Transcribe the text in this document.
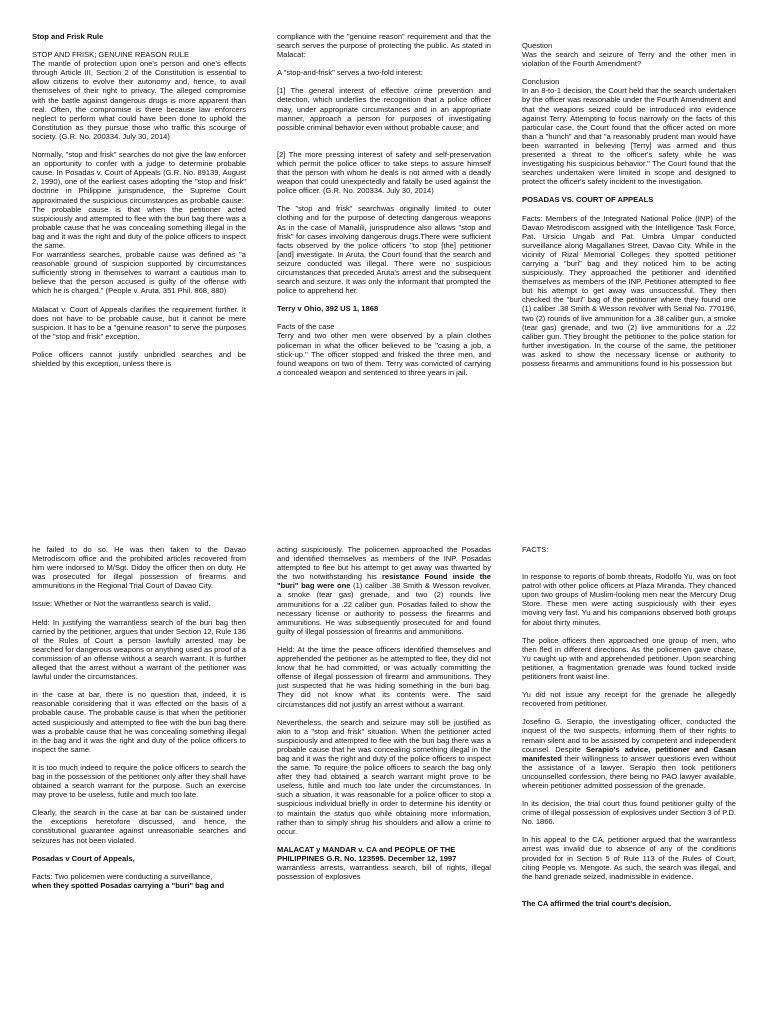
Stop and Frisk Rule

STOP AND FRISK; GENUINE REASON RULE

The mantle of protection upon one's person and one's effects through Article III, Section 2 of the Constitution is essential to allow citizens to evolve their autonomy and, hence, to avail themselves of their right to privacy. The alleged compromise with the battle against dangerous drugs is more apparent than real. Often, the compromise is there because law enforcers neglect to perform what could have been done to uphold the Constitution as they pursue those who traffic this scourge of society. (G.R. No. 200334. July 30, 2014)

Normally, "stop and frisk" searches do not give the law enforcer an opportunity to confer with a judge to determine probable cause. In Posadas v. Court of Appeals (G.R. No. 89139, August 2, 1990), one of the earliest cases adopting the "stop and frisk" doctrine in Philippine jurisprudence, the Supreme Court approximated the suspicious circumstances as probable cause:

The probable cause is that when the petitioner acted suspiciously and attempted to flee with the buri bag there was a probable cause that he was concealing something illegal in the bag and it was the right and duty of the police officers to inspect the same.

For warrantless searches, probable cause was defined as "a reasonable ground of suspicion supported by circumstances sufficiently strong in themselves to warrant a cautious man to believe that the person accused is guilty of the offense with which he is charged." (People v. Aruta, 351 Phil. 868, 880)

Malacat v. Court of Appeals clarifies the requirement further. It does not have to be probable cause, but it cannot be mere suspicion. It has to be a "genuine reason" to serve the purposes of the "stop and frisk" exception.

Police officers cannot justify unbridled searches and be shielded by this exception, unless there is

compliance with the "genuine reason" requirement and that the search serves the purpose of protecting the public. As stated in Malacat:

A "stop-and-frisk" serves a two-fold interest:

[1] The general interest of effective crime prevention and detection, which underlies the recognition that a police officer may, under appropriate circumstances and in an appropriate manner, approach a person for purposes of investigating possible criminal behavior even without probable cause; and

[2] The more pressing interest of safety and self-preservation which permit the police officer to take steps to assure himself that the person with whom he deals is not armed with a deadly weapon that could unexpectedly and fatally be used against the police officer. (G.R. No. 200334. July 30, 2014)

The "stop and frisk" searchwas originally limited to outer clothing and for the purpose of detecting dangerous weapons As in the case of Manalili, jurisprudence also allows "stop and frisk" for cases involving dangerous drugs.There were sufficient facts observed by the police officers "to stop [the] petitioner [and] investigate. In Aruta, the Court found that the search and seizure conducted was illegal. There were no suspicious circumstances that preceded Aruta's arrest and the subsequent search and seizure. It was only the informant that prompted the police to apprehend her.

Terry v Ohio, 392 US 1, 1868

Facts of the case

Terry and two other men were observed by a plain clothes policeman in what the officer believed to be "casing a job, a stick-up." The officer stopped and frisked the three men, and found weapons on two of them. Terry was convicted of carrying a concealed weapon and sentenced to three years in jail.

Question

Was the search and seizure of Terry and the other men in violation of the Fourth Amendment?

Conclusion

In an 8-to-1 decision, the Court held that the search undertaken by the officer was reasonable under the Fourth Amendment and that the weapons seized could be introduced into evidence against Terry. Attempting to focus narrowly on the facts of this particular case, the Court found that the officer acted on more than a "hunch" and that "a reasonably prudent man would have been warranted in believing [Terry] was armed and thus presented a threat to the officer's safety while he was investigating his suspicious behavior." The Court found that the searches undertaken were limited in scope and designed to protect the officer's safety incident to the investigation.

POSADAS VS. COURT OF APPEALS

Facts: Members of the Integrated National Police (INP) of the Davao Metrodiscom assigned with the Intelligence Task Force, Pat. Ursicio Ungab and Pat. Umbra Umpar conducted surveillance along Magallanes Street, Davao City. While in the vicinity of Rizal Memorial Colleges they spotted petitioner carrying a "buri" bag and they noticed him to be acting suspiciously. They approached the petitioner and identified themselves as members of the INP. Petitioner attempted to flee but his attempt to get away was unsuccessful. They then checked the "buri" bag of the petitioner where they found one (1) caliber .38 Smith & Wesson revolver with Serial No. 770196, two (2) rounds of live ammunition for a .38 caliber gun, a smoke (tear gas) grenade, and two (2) live ammunitions for a .22 caliber gun. They brought the petitioner to the police station for further investigation. In the course of the same, the petitioner was asked to show the necessary license or authority to possess firearms and ammunitions found in his possession but

he failed to do so. He was then taken to the Davao Metrodiscom office and the prohibited articles recovered from him were indorsed to M/Sgt. Didoy the officer then on duty. He was prosecuted for illegal possession of firearms and ammunitions in the Regional Trial Court of Davao City.

Issue: Whether or Not the warrantless search is valid.

Held: In justifying the warrantless search of the buri bag then carried by the petitioner, argues that under Section 12, Rule 136 of the Rules of Court a person lawfully arrested may be searched for dangerous weapons or anything used as proof of a commission of an offense without a search warrant. It is further alleged that the arrest without a warrant of the petitioner was lawful under the circumstances.

in the case at bar, there is no question that, indeed, it is reasonable considering that it was effected on the basis of a probable cause. The probable cause is that when the petitioner acted suspiciously and attempted to flee with the buri bag there was a probable cause that he was concealing something illegal in the bag and it was the right and duty of the police officers to inspect the same.

It is too much indeed to require the police officers to search the bag in the possession of the petitioner only after they shall have obtained a search warrant for the purpose. Such an exercise may prove to be useless, futile and much too late.

Clearly, the search in the case at bar can be sustained under the exceptions heretofore discussed, and hence, the constitutional guarantee against unreasonable searches and seizures has not been violated.

Posadas v Court of Appeals,

Facts: Two policemen were conducting a surveillance,

when they spotted Posadas carrying a "buri" bag and

acting suspiciously. The policemen approached the Posadas and identified themselves as members of the INP. Posadas attempted to flee but his attempt to get away was thwarted by the two notwithstanding his resistance Found inside the "buri" bag were one (1) caliber .38 Smith & Wesson revolver, a smoke (tear gas) grenade, and two (2) rounds live ammunitions for a .22 caliber gun. Posadas failed to show the necessary license or authority to possess the firearms and ammunitions. He was subsequently prosecuted for and found guilty of illegal possession of firearms and ammunitions.

Held: At the time the peace officers identified themselves and apprehended the petitioner as he attempted to flee, they did not know that he had committed, or was actually committing the offense of illegal possession of firearm and ammunitions. They just suspected that he was hiding something in the buri bag. They did not know what its contents were. The said circumstances did not justify an arrest without a warrant.

Nevertheless, the search and seizure may still be justified as akin to a "stop and frisk" situation. When the petitioner acted suspiciously and attempted to flee with the buri bag there was a probable cause that he was concealing something illegal in the bag and it was the right and duty of the police officers to inspect the same. To require the police officers to search the bag only after they had obtained a search warrant might prove to be useless, futile and much too late under the circumstances. In such a situation, it was reasonable for a police officer to stop a suspicious individual briefly in order to determine his identity or to maintain the status quo while obtaining more information, rather than to simply shrug his shoulders and allow a crime to occur.

MALACAT y MANDAR v. CA and PEOPLE OF THE PHILIPPINES G.R. No. 123595. December 12, 1997

warrantless arrests, warrantless search, bill of rights, illegal possession of explosives

FACTS:

In response to reports of bomb threats, Rodolfo Yu, was on foot patrol with other police officers at Plaza Miranda. They chanced upon two groups of Muslim-looking men near the Mercury Drug Store. These men were acting suspiciously with their eyes moving very fast. Yu and his companions observed both groups for about thirty minutes.

The police officers then approached one group of men, who then fled in different directions. As the policemen gave chase, Yu caught up with and apprehended petitioner. Upon searching petitioner, a fragmentation grenade was found tucked inside petitioners front waist line.

Yu did not issue any receipt for the grenade he allegedly recovered from petitioner.

Josefino G. Serapio, the investigating officer, conducted the inquest of the two suspects, informing them of their rights to remain silent and to be assisted by competent and independent counsel. Despite Serapio's advice, petitioner and Casan manifested their willingness to answer questions even without the assistance of a lawyer. Serapio then took petitioners uncounselled confession, there being no PAO lawyer available, wherein petitioner admitted possession of the grenade.

In its decision, the trial court thus found petitioner guilty of the crime of illegal possession of explosives under Section 3 of P.D. No. 1866.

In his appeal to the CA, petitioner argued that the warrantless arrest was invalid due to absence of any of the conditions provided for in Section 5 of Rule 113 of the Rules of Court, citing People vs. Mengote. As such, the search was illegal, and the hand grenade seized, inadmissible in evidence.

The CA affirmed the trial court's decision.
